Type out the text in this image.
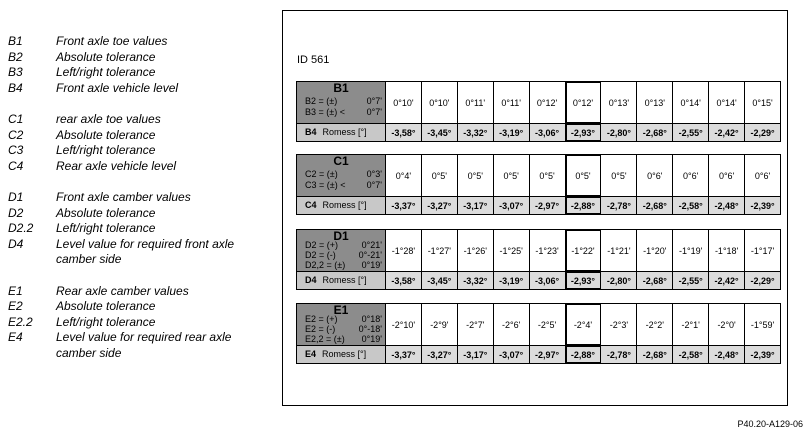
B1	Front axle toe values
B2	Absolute tolerance
B3	Left/right tolerance
B4	Front axle vehicle level
C1	rear axle toe values
C2	Absolute tolerance
C3	Left/right tolerance
C4	Rear axle vehicle level
D1	Front axle camber values
D2	Absolute tolerance
D2.2 Left/right tolerance
D4	Level value for required front axle camber side
E1	Rear axle camber values
E2	Absolute tolerance
E2.2 Left/right tolerance
E4	Level value for required rear axle camber side
ID 561
P40.20-A129-06
B1
B2 = (±)	0°7'
B3 = (±) < 0°7'
0°10'	0°10'	0°11'	0°11'	0°12'	0°12'	0°13'	0°13'	0°14'	0°14'	0°15'
B4 Romess [°]	-3,58°	-3,45°	-3,32°	-3,19°	-3,06°	-2,93°	-2,80°	-2,68°	-2,55°	-2,42°	-2,29°
C1
C2 = (±)	0°3'
C3 = (±) < 0°7'
0°4'	0°5'	0°5'	0°5'	0°5'	0°5'	0°5'	0°6'	0°6'	0°6'	0°6'
C4 Romess [°]	-3,37°	-3,27°	-3,17°	-3,07°	-2,97°	-2,88°	-2,78°	-2,68°	-2,58°	-2,48°	-2,39°
D1
D2 = (+)	0°21'
D2 = (-)	0°-21'
D2,2 = (±) 0°19'
-1°28'	-1°27'	-1°26'	-1°25'	-1°23'	-1°22'	-1°21'	-1°20'	-1°19'	-1°18'	-1°17'
D4 Romess [°]	-3,58°	-3,45°	-3,32°	-3,19°	-3,06°	-2,93°	-2,80°	-2,68°	-2,55°	-2,42°	-2,29°
E1
E2 = (+)	0°18'
E2 = (-)	0°-18'
E2,2 = (±) 0°19'
-2°10'	-2°9'	-2°7'	-2°6'	-2°5'	-2°4'	-2°3'	-2°2'	-2°1'	-2°0'	-1°59'
E4 Romess [°]	-3,37°	-3,27°	-3,17°	-3,07°	-2,97°	-2,88°	-2,78°	-2,68°	-2,58°	-2,48°	-2,39°
